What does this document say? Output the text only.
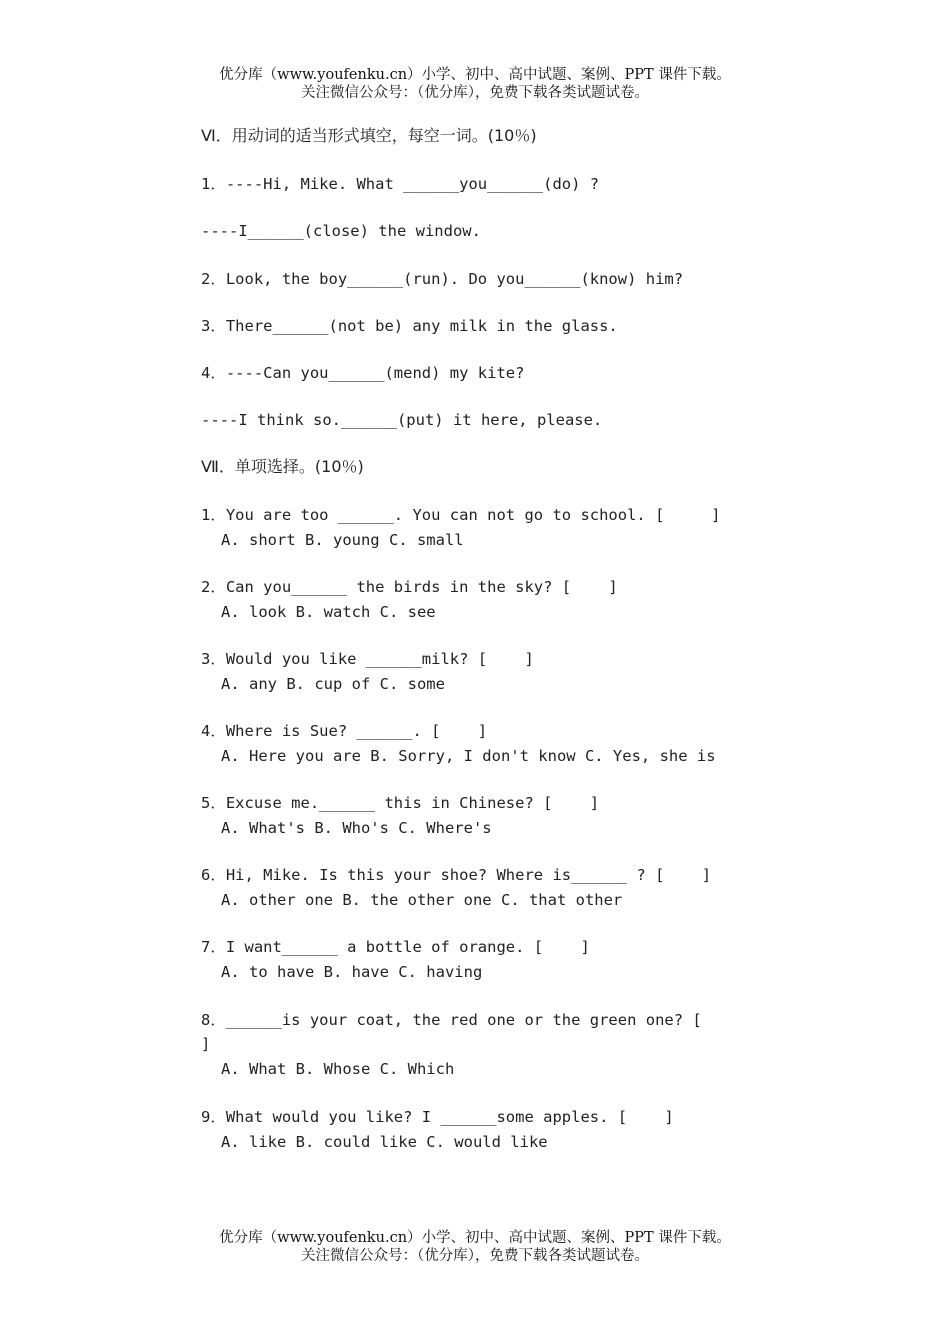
优分库（www.youfenku.cn）小学、初中、高中试题、案例、PPT 课件下载。
关注微信公众号：（优分库），免费下载各类试题试卷。
Ⅵ．用动词的适当形式填空，每空一词。(10％)
1．----Hi, Mike. What ______you______(do) ?
----I______(close) the window.
2．Look, the boy______(run). Do you______(know) him?
3．There______(not be) any milk in the glass.
4．----Can you______(mend) my kite?
----I think so.______(put) it here, please.
Ⅶ．单项选择。(10％)
1．You are too ______. You can not go to school. [     ]
A. short B. young C. small
2．Can you______ the birds in the sky? [    ]
A. look B. watch C. see
3．Would you like ______milk? [    ]
A. any B. cup of C. some
4．Where is Sue? ______. [    ]
A. Here you are B. Sorry, I don't know C. Yes, she is
5．Excuse me.______ this in Chinese? [    ]
A. What's B. Who's C. Where's
6．Hi, Mike. Is this your shoe? Where is______ ? [    ]
A. other one B. the other one C. that other
7．I want______ a bottle of orange. [    ]
A. to have B. have C. having
8．______is your coat, the red one or the green one? [
]
A. What B. Whose C. Which
9．What would you like? I ______some apples. [    ]
A. like B. could like C. would like
优分库（www.youfenku.cn）小学、初中、高中试题、案例、PPT 课件下载。
关注微信公众号：（优分库），免费下载各类试题试卷。
